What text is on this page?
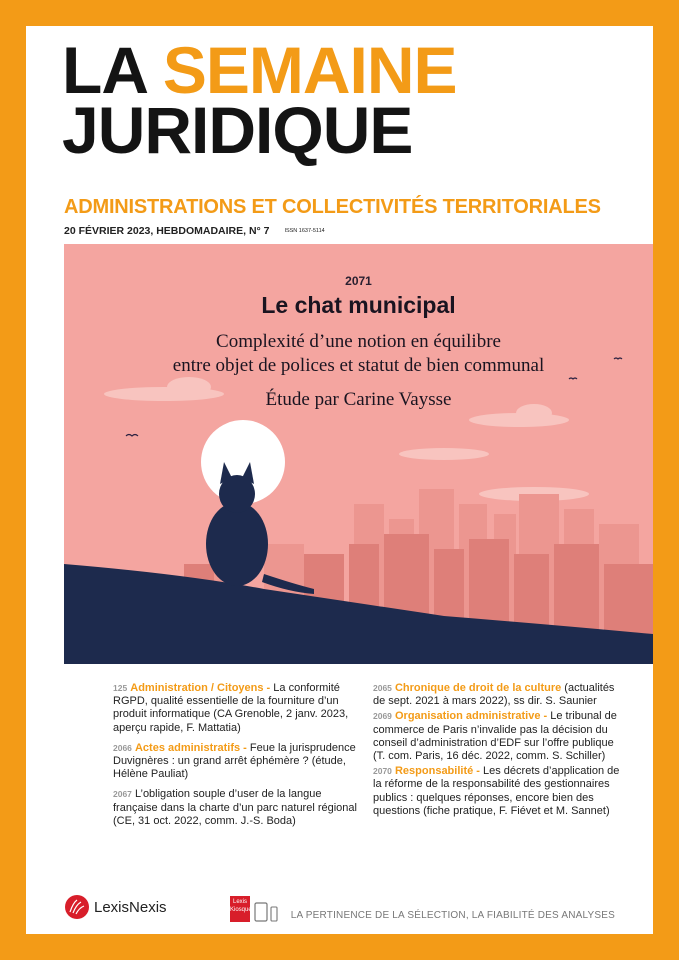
LA SEMAINE
JURIDIQUE
ADMINISTRATIONS ET COLLECTIVITÉS TERRITORIALES
20 FÉVRIER 2023, HEBDOMADAIRE, N° 7	ISSN 1637-5114
2071
Le chat municipal
Complexité d’une notion en équilibre
entre objet de polices et statut de bien communal
Étude par Carine Vaysse
125 Administration / Citoyens - La conformité RGPD, qualité essentielle de la fourniture d’un produit informatique (CA Grenoble, 2 janv. 2023, aperçu rapide, F. Mattatia)
2066 Actes administratifs - Feue la jurisprudence Duvignères : un grand arrêt éphémère ? (étude, Hélène Pauliat)
2067 L’obligation souple d’user de la langue française dans la charte d’un parc naturel régional (CE, 31 oct. 2022, comm. J.-S. Boda)
2065 Chronique de droit de la culture (actualités de sept. 2021 à mars 2022), ss dir. S. Saunier
2069 Organisation administrative - Le tribunal de commerce de Paris n’invalide pas la décision du conseil d’administration d’EDF sur l’offre publique (T. com. Paris, 16 déc. 2022, comm. S. Schiller)
2070 Responsabilité - Les décrets d’application de la réforme de la responsabilité des gestionnaires publics : quelques réponses, encore bien des questions (fiche pratique, F. Fiévet et M. Sannet)
LexisNexis	Lexis
Kiosque	LA PERTINENCE DE LA SÉLECTION, LA FIABILITÉ DES ANALYSES
